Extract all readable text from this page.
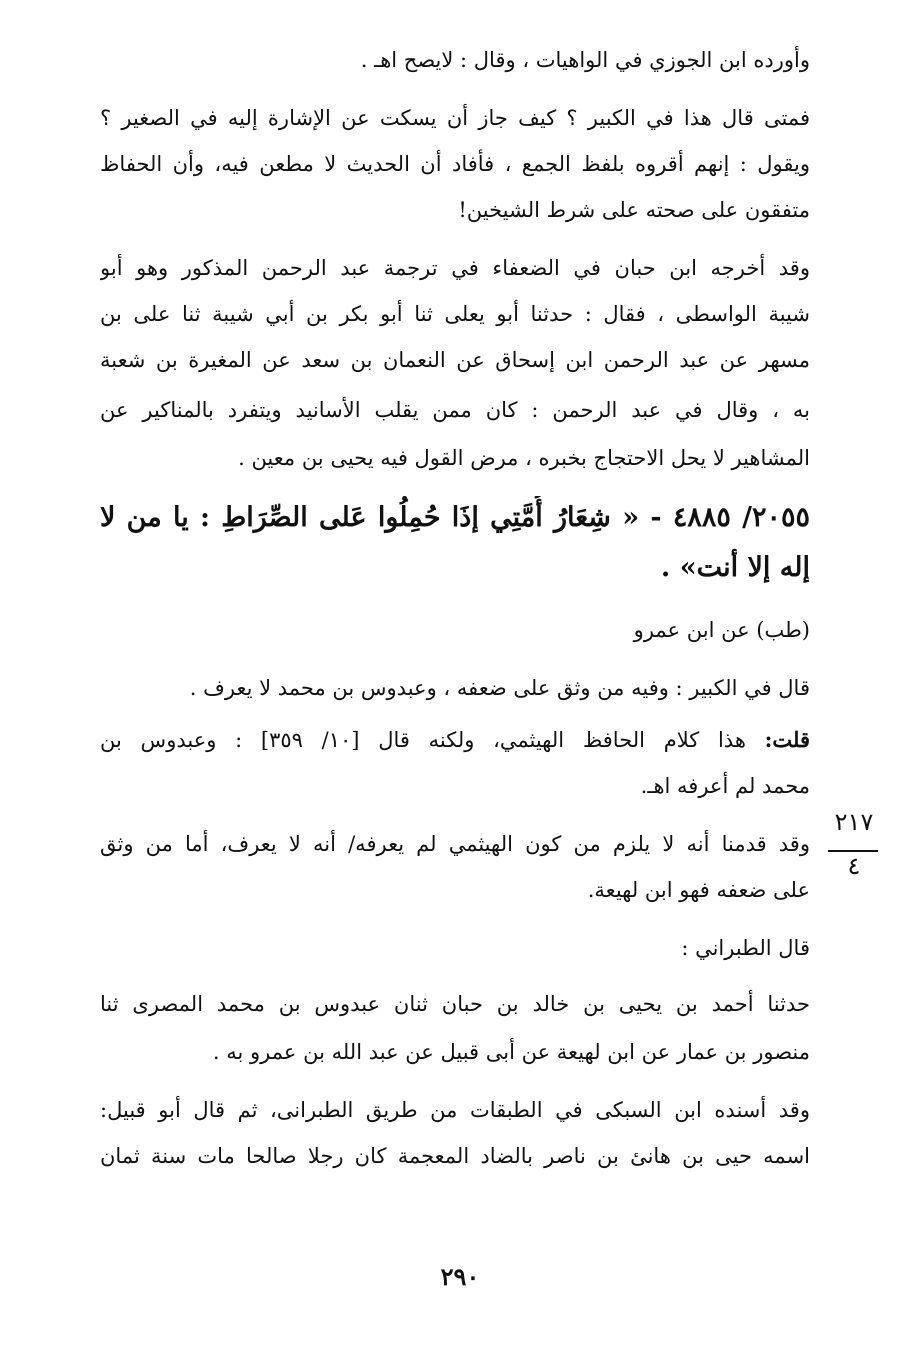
وأورده ابن الجوزي في الواهيات ، وقال : لايصح اهـ .
فمتى قال هذا في الكبير ؟ كيف جاز أن يسكت عن الإشارة إليه في الصغير ؟
ويقول : إنهم أقروه بلفظ الجمع ، فأفاد أن الحديث لا مطعن فيه، وأن الحفاظ
متفقون على صحته على شرط الشيخين!
وقد أخرجه ابن حبان في الضعفاء في ترجمة عبد الرحمن المذكور وهو أبو
شيبة الواسطى ، فقال : حدثنا أبو يعلى ثنا أبو بكر بن أبي شيبة ثنا على بن
مسهر عن عبد الرحمن ابن إسحاق عن النعمان بن سعد عن المغيرة بن شعبة
به ، وقال في عبد الرحمن : كان ممن يقلب الأسانيد ويتفرد بالمناكير عن
المشاهير لا يحل الاحتجاج بخبره ، مرض القول فيه يحيى بن معين .
٢٠٥٥/ ٤٨٨٥ - « شِعَارُ أُمَّتِي إذَا حُمِلُوا عَلى الصِّرَاطِ : يا من لا
إله إلا أنت» .
(طب) عن ابن عمرو
قال في الكبير : وفيه من وثق على ضعفه ، وعبدوس بن محمد لا يعرف .
قلت: هذا كلام الحافظ الهيثمي، ولكنه قال [١٠/ ٣٥٩] : وعبدوس بن
محمد لم أعرفه اهـ.
وقد قدمنا أنه لا يلزم من كون الهيثمي لم يعرفه/ أنه لا يعرف، أما من وثق
على ضعفه فهو ابن لهيعة.
قال الطبراني :
حدثنا أحمد بن يحيى بن خالد بن حبان ثنان عبدوس بن محمد المصرى ثنا
منصور بن عمار عن ابن لهيعة عن أبى قبيل عن عبد الله بن عمرو به .
وقد أسنده ابن السبكى في الطبقات من طريق الطبرانى، ثم قال أبو قبيل:
اسمه حيى بن هانئ بن ناصر بالضاد المعجمة كان رجلا صالحا مات سنة ثمان
٢١٧
٤
٢٩٠
